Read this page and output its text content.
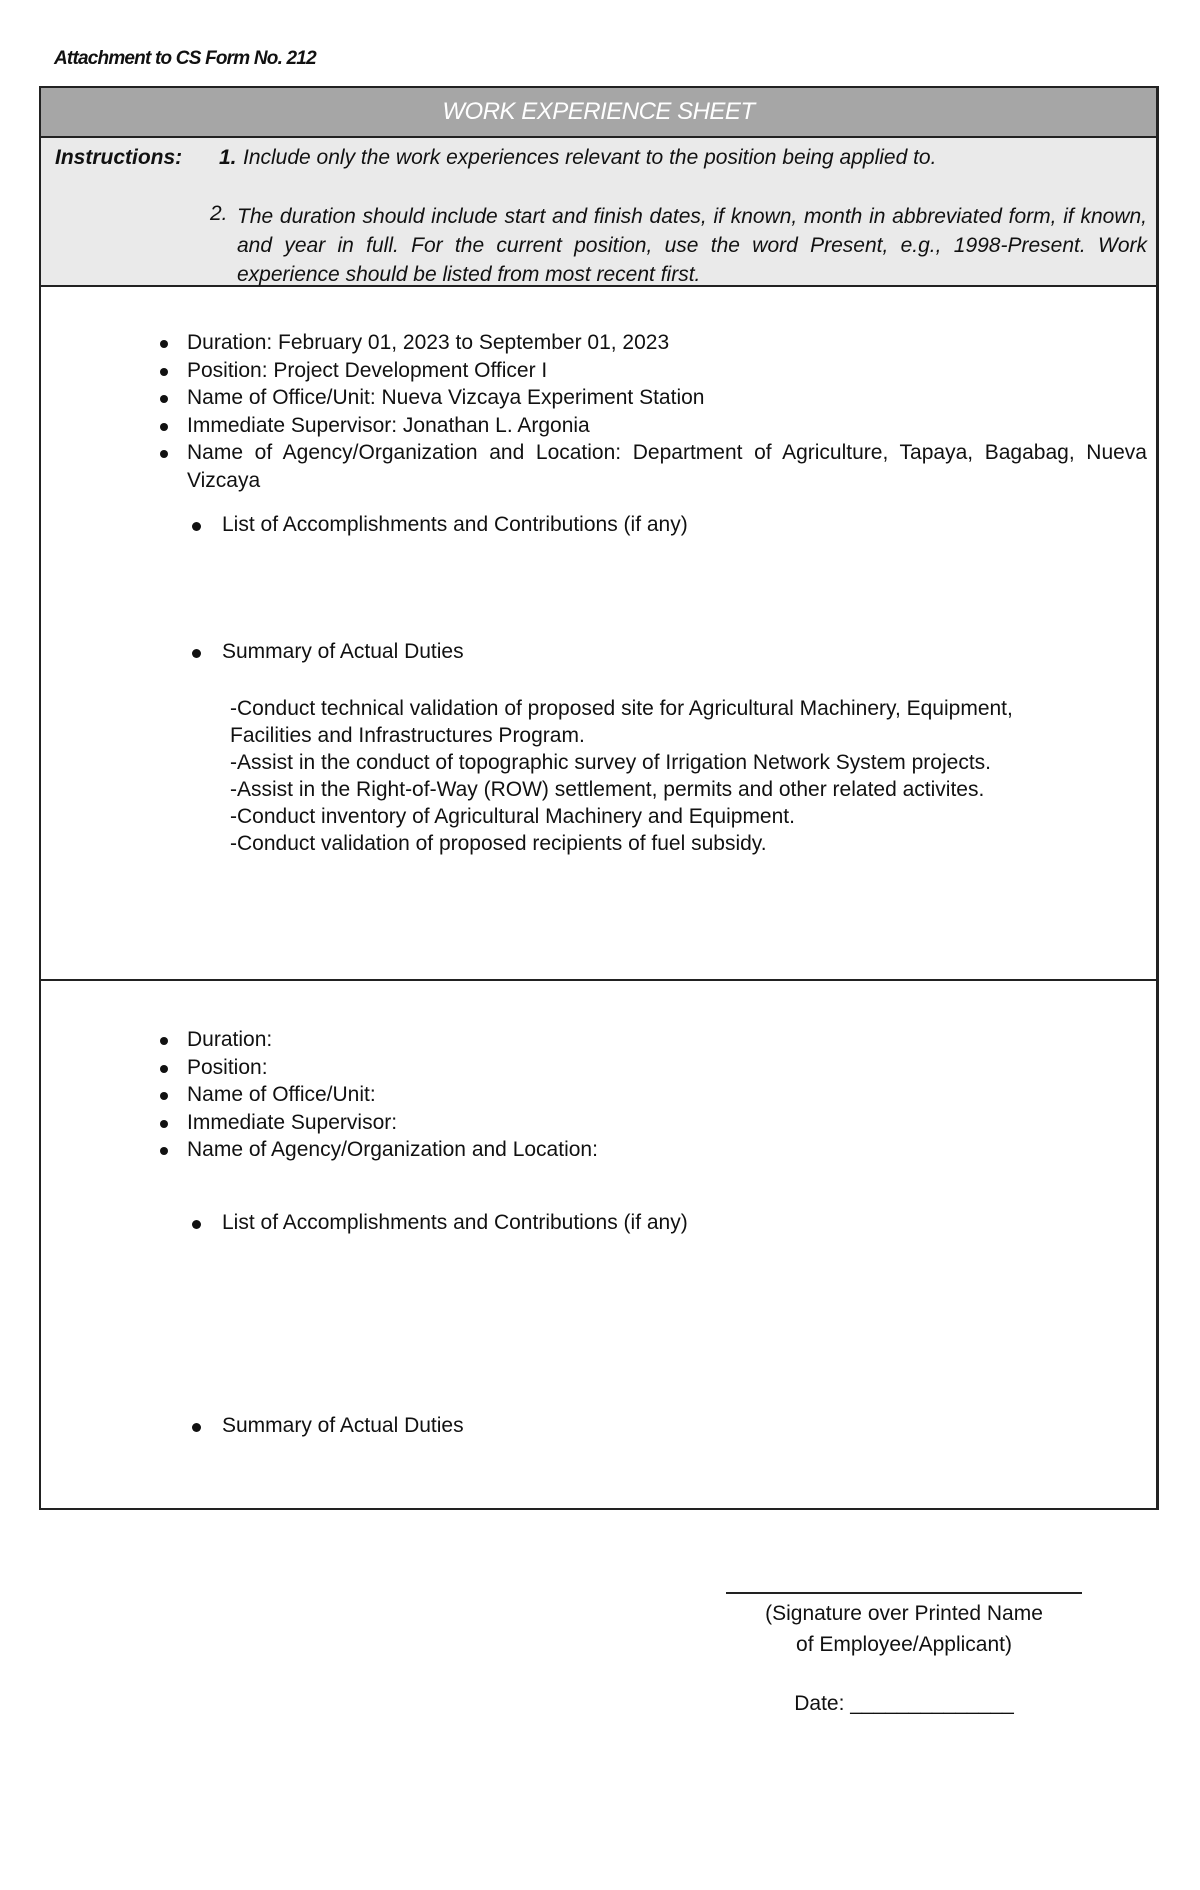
Attachment to CS Form No. 212
WORK EXPERIENCE SHEET
Instructions: 1. Include only the work experiences relevant to the position being applied to.
2. The duration should include start and finish dates, if known, month in abbreviated form, if known, and year in full. For the current position, use the word Present, e.g., 1998-Present. Work experience should be listed from most recent first.
Duration: February 01, 2023 to September 01, 2023
Position: Project Development Officer I
Name of Office/Unit: Nueva Vizcaya Experiment Station
Immediate Supervisor: Jonathan L. Argonia
Name of Agency/Organization and Location: Department of Agriculture, Tapaya, Bagabag, Nueva Vizcaya
List of Accomplishments and Contributions (if any)
Summary of Actual Duties
-Conduct technical validation of proposed site for Agricultural Machinery, Equipment,
Facilities and Infrastructures Program.
-Assist in the conduct of topographic survey of Irrigation Network System projects.
-Assist in the Right-of-Way (ROW) settlement, permits and other related activites.
-Conduct inventory of Agricultural Machinery and Equipment.
-Conduct validation of proposed recipients of fuel subsidy.
Duration:
Position:
Name of Office/Unit:
Immediate Supervisor:
Name of Agency/Organization and Location:
List of Accomplishments and Contributions (if any)
Summary of Actual Duties
(Signature over Printed Name
of Employee/Applicant)
Date: ______________
